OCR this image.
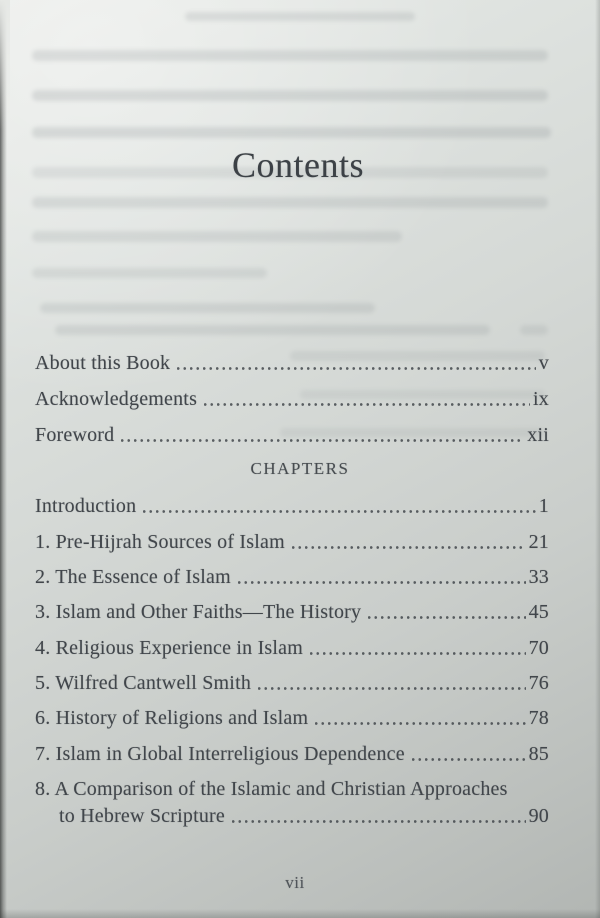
Contents
About this Book	v
Acknowledgements	ix
Foreword	xii
CHAPTERS
Introduction	1
1. Pre-Hijrah Sources of Islam	21
2. The Essence of Islam	33
3. Islam and Other Faiths—The History	45
4. Religious Experience in Islam	70
5. Wilfred Cantwell Smith	76
6. History of Religions and Islam	78
7. Islam in Global Interreligious Dependence	85
8. A Comparison of the Islamic and Christian Approaches
to Hebrew Scripture	90
vii
